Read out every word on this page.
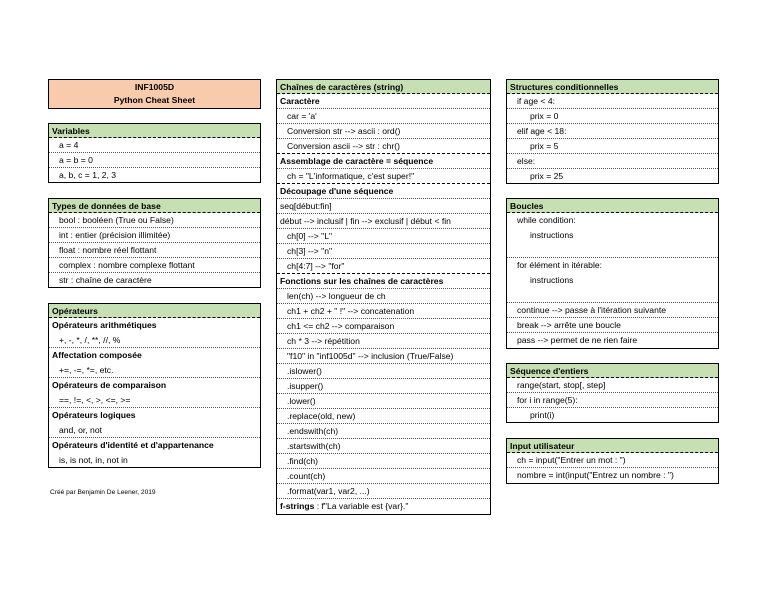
INF1005D
Python Cheat Sheet
Variables
a = 4
a = b = 0
a, b, c = 1, 2, 3
Types de données de base
bool : booléen (True ou False)
int : entier (précision illimitée)
float : nombre réel flottant
complex : nombre complexe flottant
str : chaîne de caractère
Opérateurs
Opérateurs arithmétiques
+, -, *, /, **, //, %
Affectation composée
+=, -=, *=, etc.
Opérateurs de comparaison
==, !=, <, >, <=, >=
Opérateurs logiques
and, or, not
Opérateurs d'identité et d'appartenance
is, is not, in, not in
Créé par Benjamin De Leener, 2019
Chaînes de caractères (string)
Caractère
car = 'a'
Conversion str --> ascii : ord()
Conversion ascii --> str : chr()
Assemblage de caractère = séquence
ch = "L'informatique, c'est super!"
Découpage d'une séquence
seq[début:fin]
début --> inclusif | fin --> exclusif | début < fin
ch[0] --> "L"
ch[3] --> "n"
ch[4:7] --> "for"
Fonctions sur les chaînes de caractères
len(ch) --> longueur de ch
ch1 + ch2 + " !" --> concatenation
ch1 <= ch2 --> comparaison
ch * 3 --> répétition
"f10" in "inf1005d" --> inclusion (True/False)
.islower()
.isupper()
.lower()
.replace(old, new)
.endswith(ch)
.startswith(ch)
.find(ch)
.count(ch)
.format(var1, var2, ...)
f-strings : f"La variable est {var}."
Structures conditionnelles
if age < 4:
prix = 0
elif age < 18:
prix = 5
else:
prix = 25
Boucles
while condition:
instructions
for élément in itérable:
instructions
continue --> passe à l'itération suivante
break --> arrête une boucle
pass --> permet de ne rien faire
Séquence d'entiers
range(start, stop[, step]
for i in range(5):
print(i)
Input utilisateur
ch = input("Entrer un mot : ")
nombre = int(input("Entrez un nombre : ")
